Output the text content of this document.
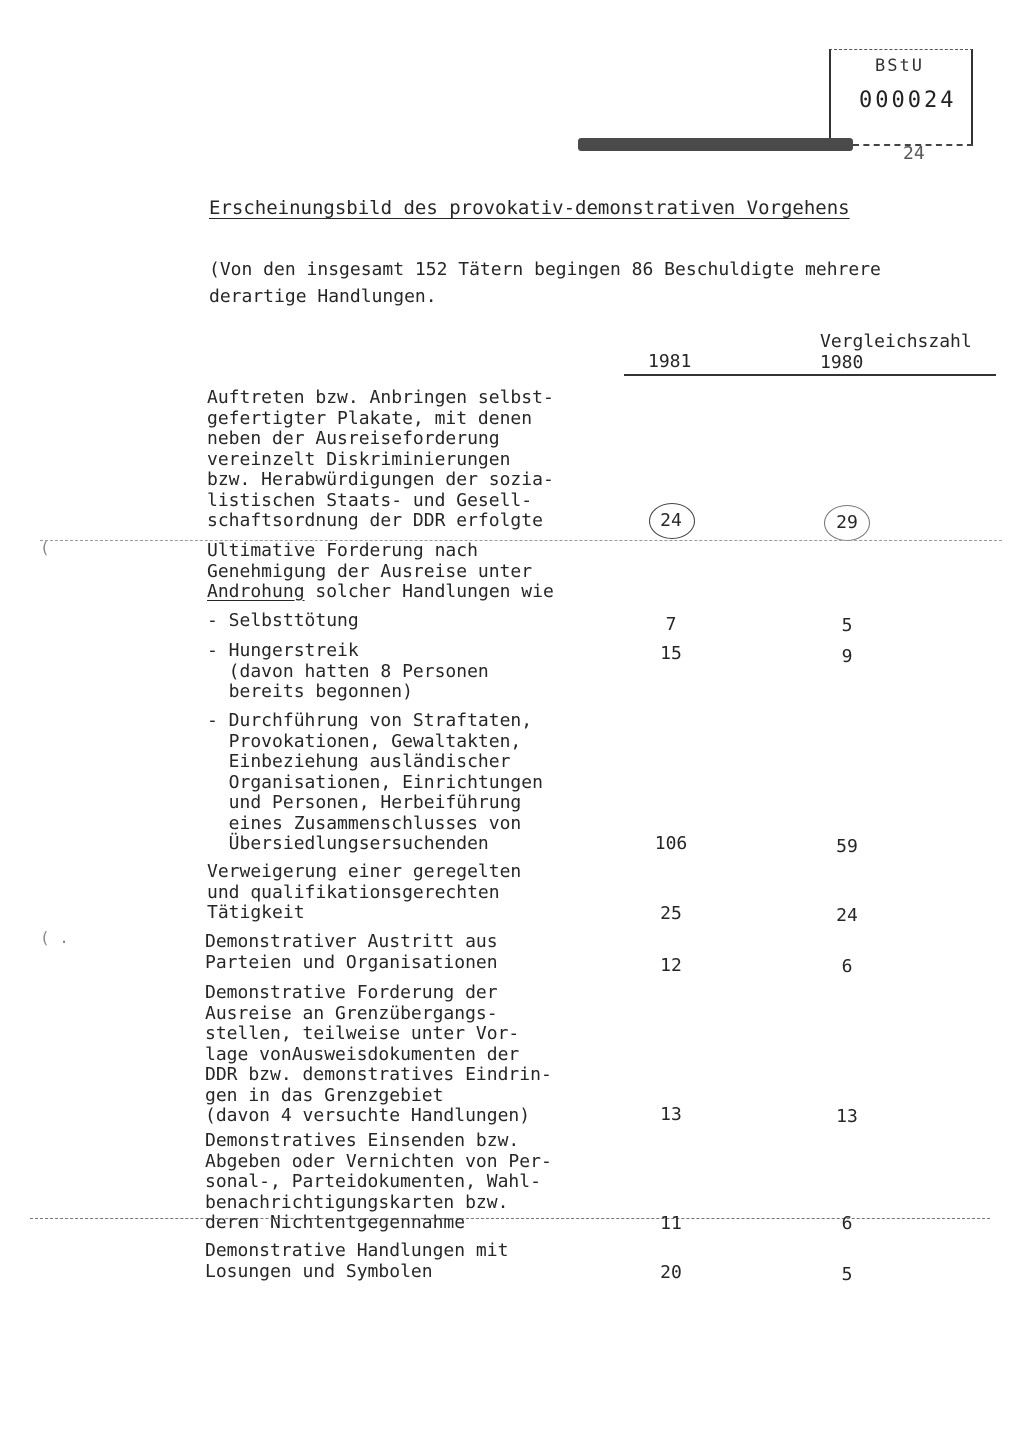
BStU
000024
24
Erscheinungsbild des provokativ-demonstrativen Vorgehens
(Von den insgesamt 152 Tätern begingen 86 Beschuldigte mehrere derartige Handlungen.
1981
Vergleichszahl
1980
Auftreten bzw. Anbringen selbst-
gefertigter Plakate, mit denen
neben der Ausreiseforderung
vereinzelt Diskriminierungen
bzw. Herabwürdigungen der sozia-
listischen Staats- und Gesell-
schaftsordnung der DDR erfolgte	24	29
(	Ultimative Forderung nach
Genehmigung der Ausreise unter
Androhung solcher Handlungen wie
- Selbsttötung	7	5
- Hungerstreik
(davon hatten 8 Personen
bereits begonnen)
15	9
- Durchführung von Straftaten,
Provokationen, Gewaltakten,
Einbeziehung ausländischer
Organisationen, Einrichtungen
und Personen, Herbeiführung
eines Zusammenschlusses von
Übersiedlungsersuchenden	106	59
Verweigerung einer geregelten
und qualifikationsgerechten
Tätigkeit	25	24
( .	Demonstrativer Austritt aus
Parteien und Organisationen	12	6
Demonstrative Forderung der
Ausreise an Grenzübergangs-
stellen, teilweise unter Vor-
lage vonAusweisdokumenten der
DDR bzw. demonstratives Eindrin-
gen in das Grenzgebiet
(davon 4 versuchte Handlungen)	13	13
Demonstratives Einsenden bzw.
Abgeben oder Vernichten von Per-
sonal-, Parteidokumenten, Wahl-
benachrichtigungskarten bzw.
deren Nichtentgegennahme	11	6
Demonstrative Handlungen mit
Losungen und Symbolen	20	5
